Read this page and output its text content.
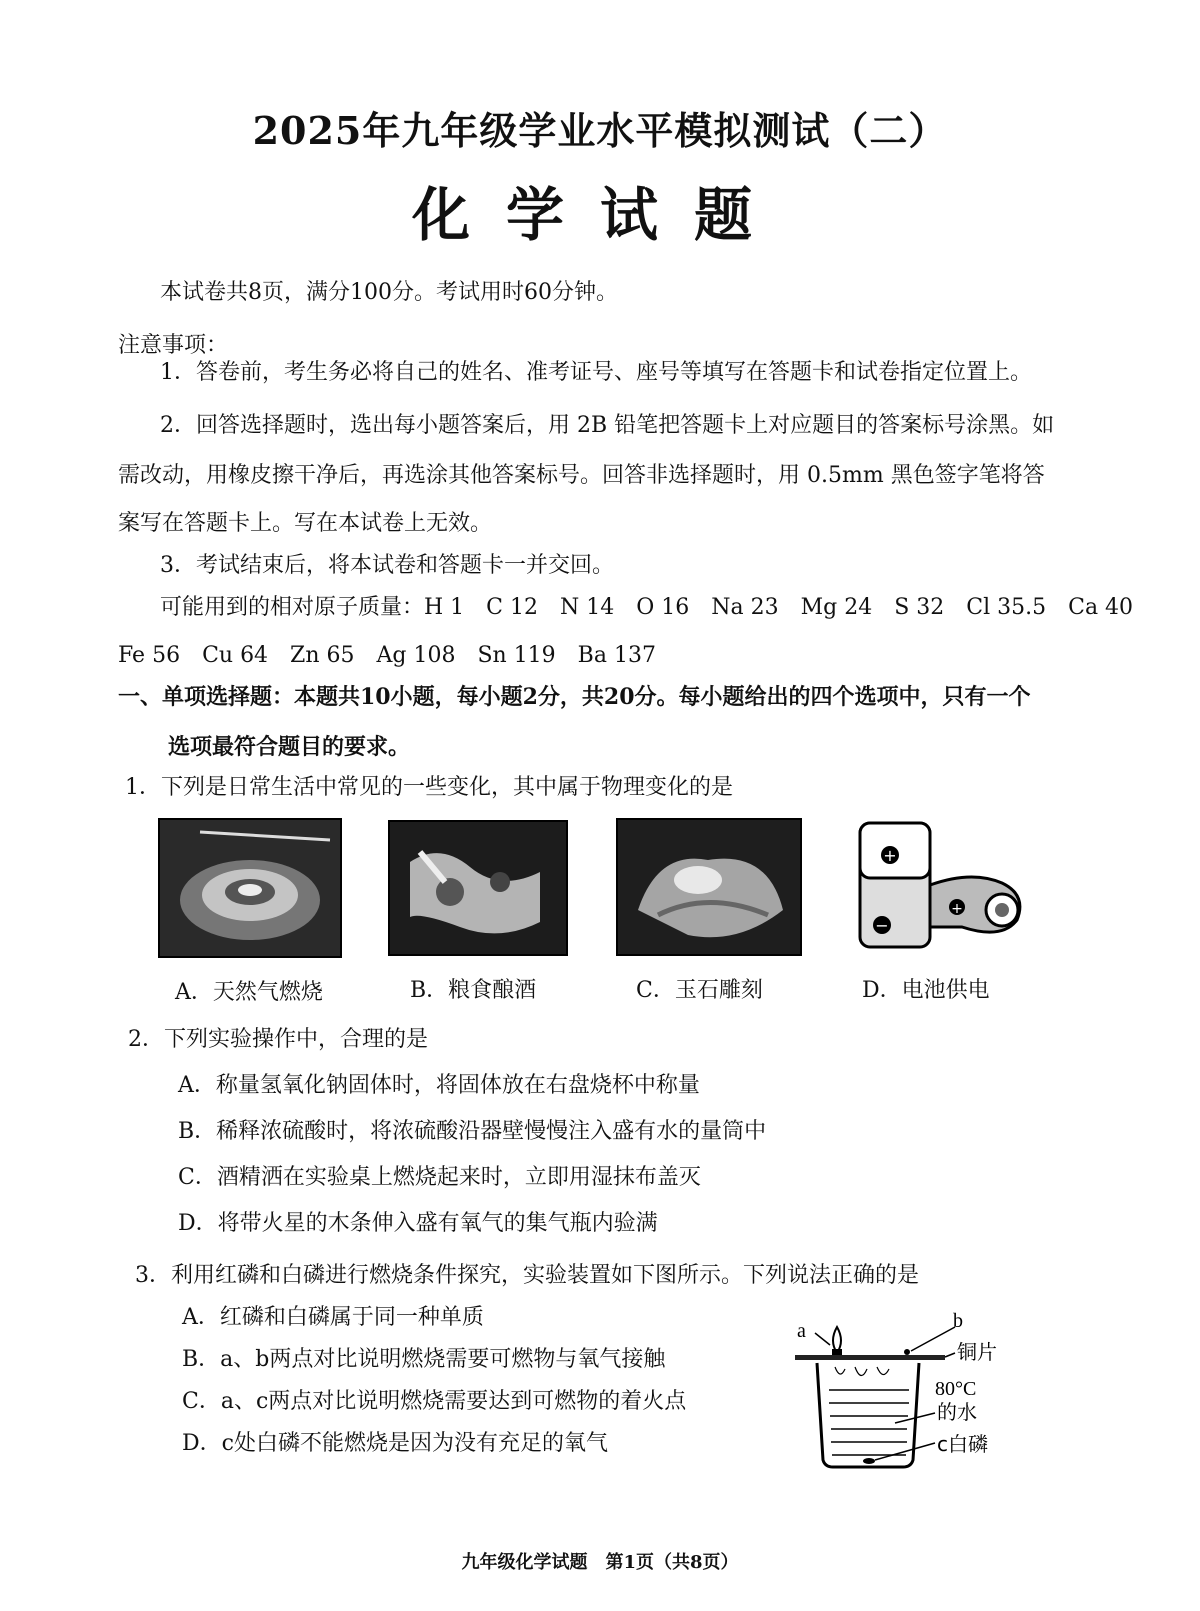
2025年九年级学业水平模拟测试（二）
化学试题
本试卷共8页，满分100分。考试用时60分钟。
注意事项：
1．答卷前，考生务必将自己的姓名、准考证号、座号等填写在答题卡和试卷指定位置上。
2．回答选择题时，选出每小题答案后，用 2B 铅笔把答题卡上对应题目的答案标号涂黑。如
需改动，用橡皮擦干净后，再选涂其他答案标号。回答非选择题时，用 0.5mm 黑色签字笔将答
案写在答题卡上。写在本试卷上无效。
3．考试结束后，将本试卷和答题卡一并交回。
可能用到的相对原子质量：H 1　C 12　N 14　O 16　Na 23　Mg 24　S 32　Cl 35.5　Ca 40
Fe 56　Cu 64　Zn 65　Ag 108　Sn 119　Ba 137
一、单项选择题：本题共10小题，每小题2分，共20分。每小题给出的四个选项中，只有一个
选项最符合题目的要求。
1．下列是日常生活中常见的一些变化，其中属于物理变化的是
+
+
−
A．天然气燃烧	B．粮食酿酒	C．玉石雕刻	D．电池供电
2．下列实验操作中，合理的是
A．称量氢氧化钠固体时，将固体放在右盘烧杯中称量
B．稀释浓硫酸时，将浓硫酸沿器壁慢慢注入盛有水的量筒中
C．酒精洒在实验桌上燃烧起来时，立即用湿抹布盖灭
D．将带火星的木条伸入盛有氧气的集气瓶内验满
3．利用红磷和白磷进行燃烧条件探究，实验装置如下图所示。下列说法正确的是
A．红磷和白磷属于同一种单质
B．a、b两点对比说明燃烧需要可燃物与氧气接触
C．a、c两点对比说明燃烧需要达到可燃物的着火点
D．c处白磷不能燃烧是因为没有充足的氧气
a	b
铜片
80°C
的水
c白磷
九年级化学试题　第1页（共8页）
